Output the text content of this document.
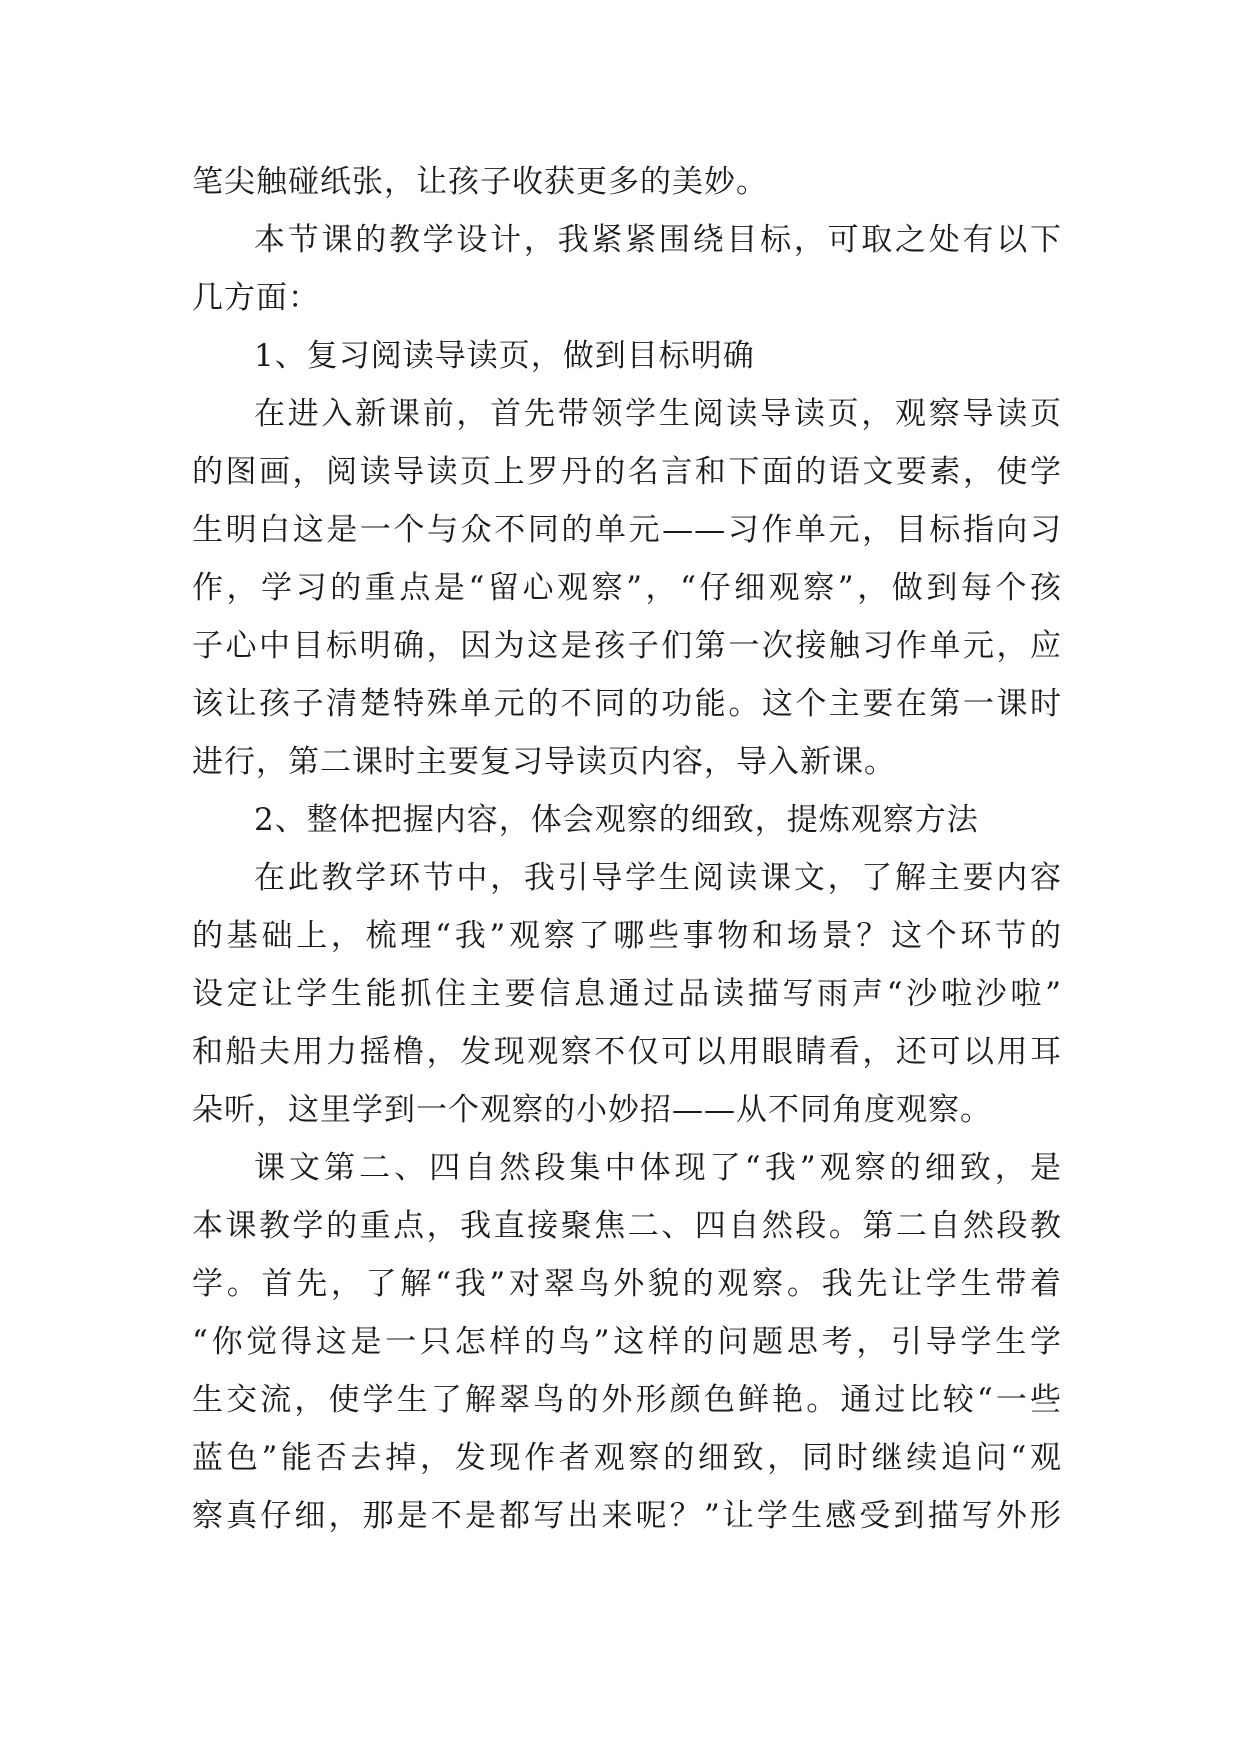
笔尖触碰纸张，让孩子收获更多的美妙。
本节课的教学设计，我紧紧围绕目标，可取之处有以下
几方面：
1、复习阅读导读页，做到目标明确
在进入新课前，首先带领学生阅读导读页，观察导读页
的图画，阅读导读页上罗丹的名言和下面的语文要素，使学
生明白这是一个与众不同的单元——习作单元，目标指向习
作，学习的重点是“留心观察”，“仔细观察”，做到每个孩
子心中目标明确，因为这是孩子们第一次接触习作单元，应
该让孩子清楚特殊单元的不同的功能。这个主要在第一课时
进行，第二课时主要复习导读页内容，导入新课。
2、整体把握内容，体会观察的细致，提炼观察方法
在此教学环节中，我引导学生阅读课文，了解主要内容
的基础上，梳理“我”观察了哪些事物和场景？这个环节的
设定让学生能抓住主要信息通过品读描写雨声“沙啦沙啦”
和船夫用力摇橹，发现观察不仅可以用眼睛看，还可以用耳
朵听，这里学到一个观察的小妙招——从不同角度观察。
课文第二、四自然段集中体现了“我”观察的细致，是
本课教学的重点，我直接聚焦二、四自然段。第二自然段教
学。首先，了解“我”对翠鸟外貌的观察。我先让学生带着
“你觉得这是一只怎样的鸟”这样的问题思考，引导学生学
生交流，使学生了解翠鸟的外形颜色鲜艳。通过比较“一些
蓝色”能否去掉，发现作者观察的细致，同时继续追问“观
察真仔细，那是不是都写出来呢？”让学生感受到描写外形
